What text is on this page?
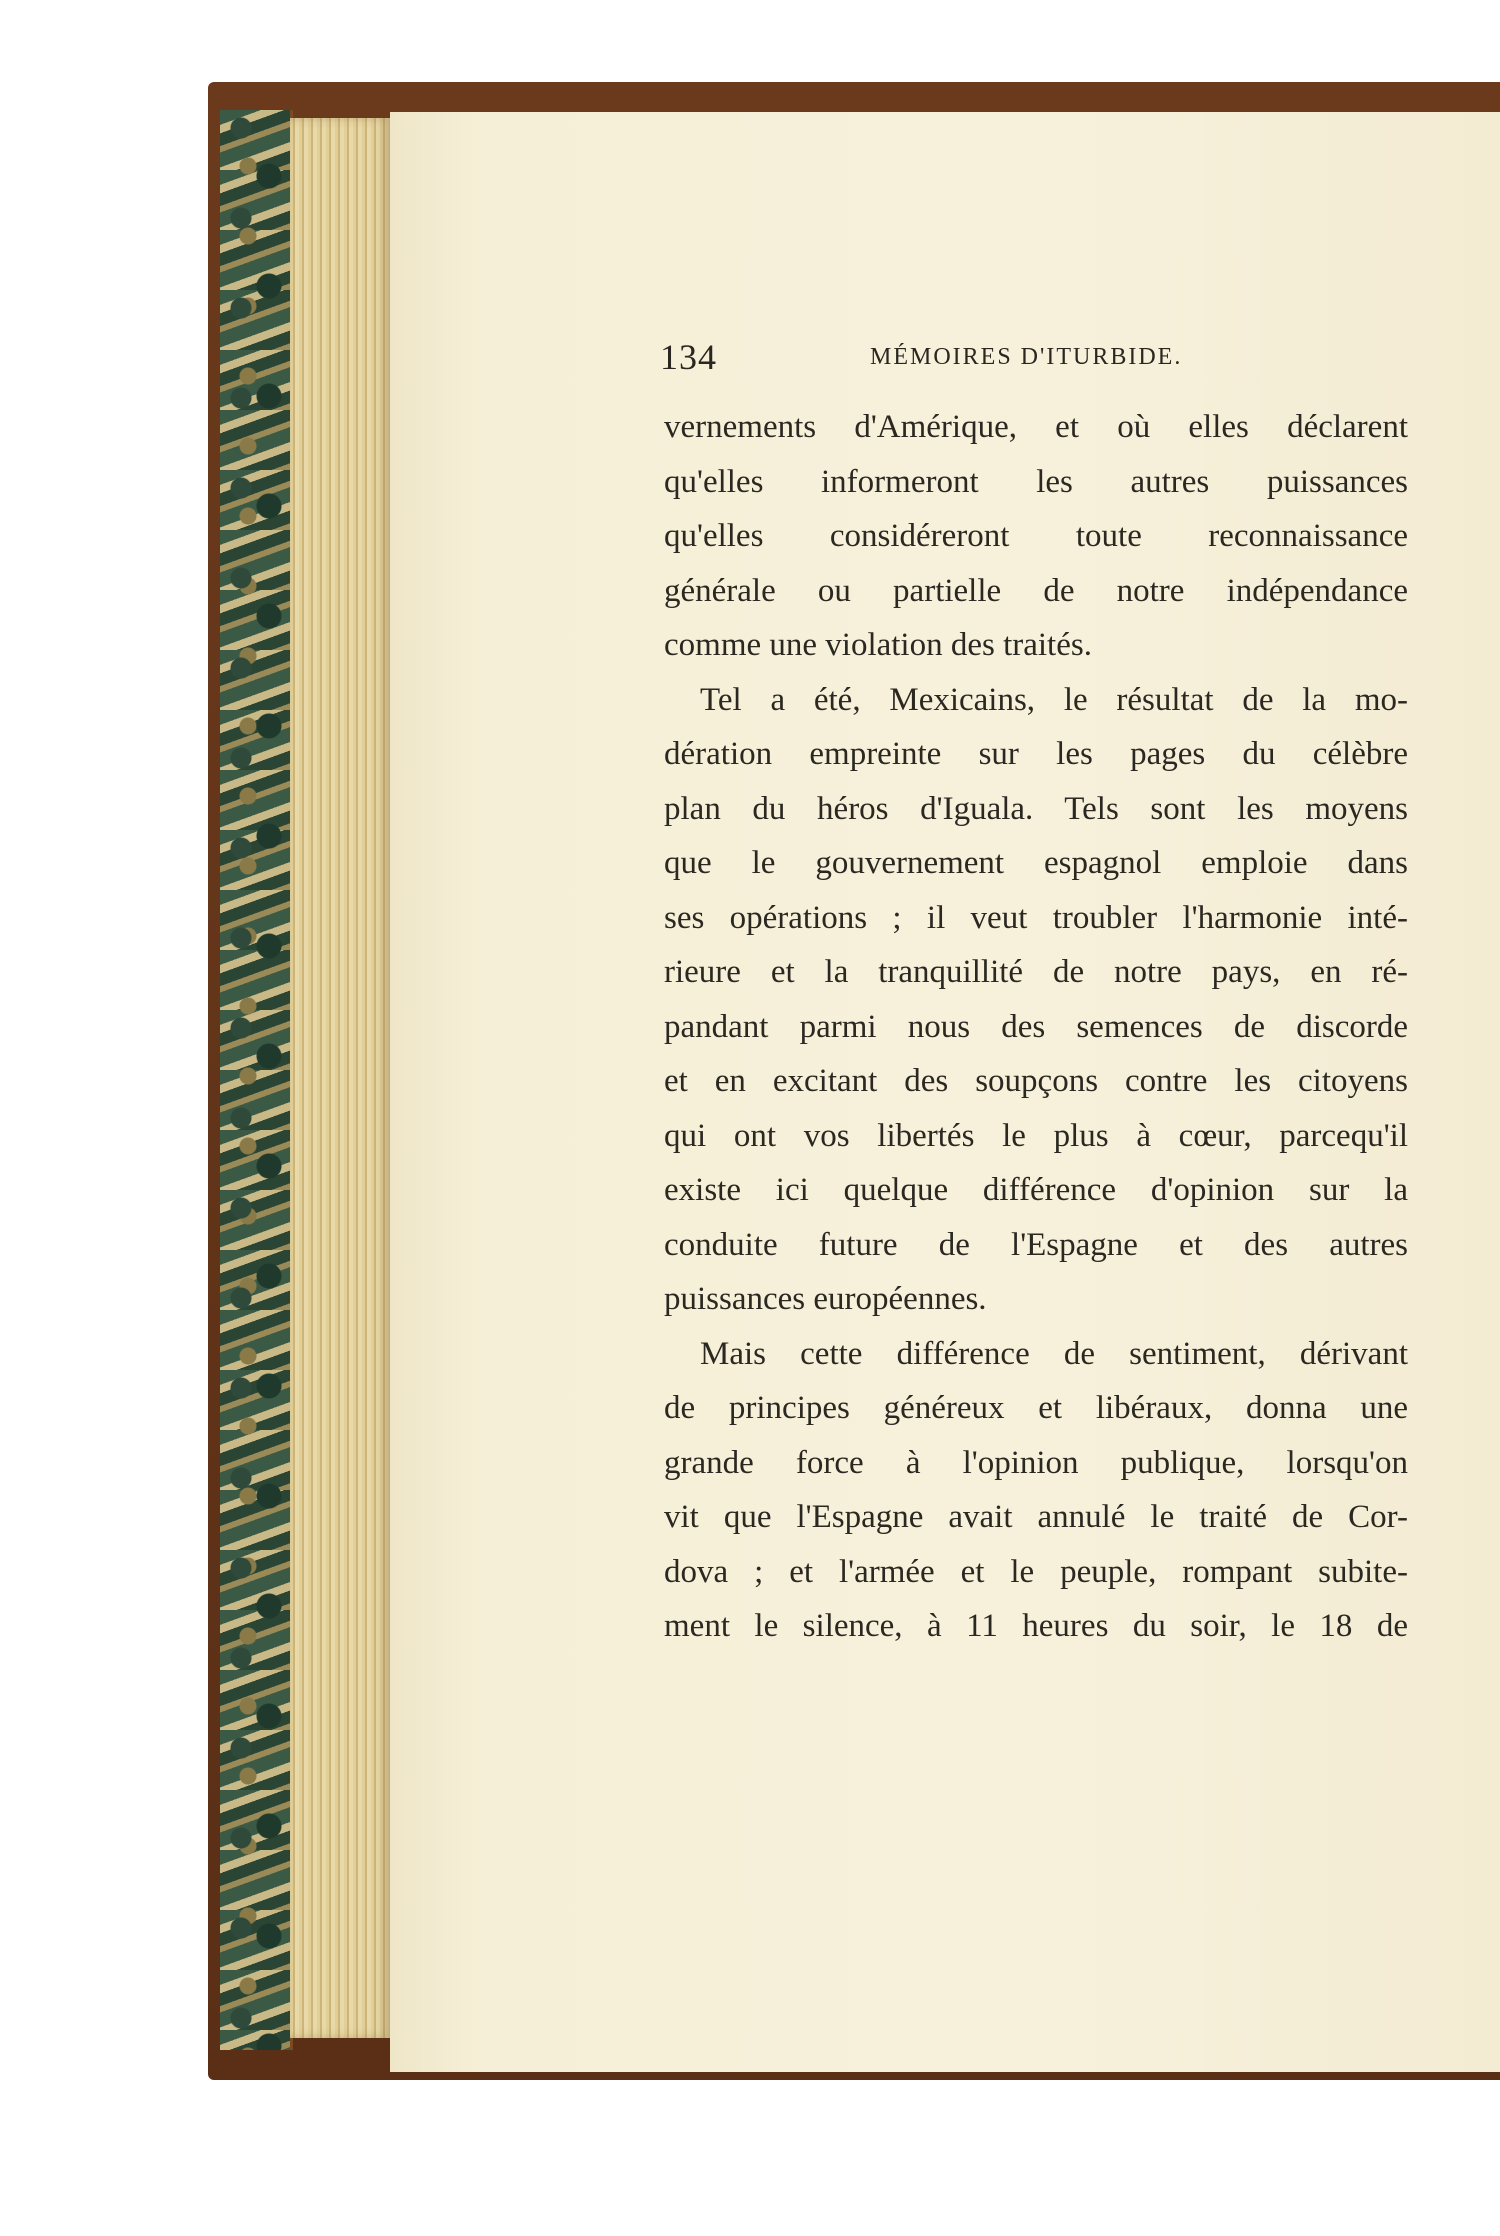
134	MÉMOIRES D'ITURBIDE.
vernements d'Amérique, et où elles déclarent
qu'elles informeront les autres puissances
qu'elles considéreront toute reconnaissance
générale ou partielle de notre indépendance
comme une violation des traités.
Tel a été, Mexicains, le résultat de la mo-
dération empreinte sur les pages du célèbre
plan du héros d'Iguala. Tels sont les moyens
que le gouvernement espagnol emploie dans
ses opérations ; il veut troubler l'harmonie inté-
rieure et la tranquillité de notre pays, en ré-
pandant parmi nous des semences de discorde
et en excitant des soupçons contre les citoyens
qui ont vos libertés le plus à cœur, parcequ'il
existe ici quelque différence d'opinion sur la
conduite future de l'Espagne et des autres
puissances européennes.
Mais cette différence de sentiment, dérivant
de principes généreux et libéraux, donna une
grande force à l'opinion publique, lorsqu'on
vit que l'Espagne avait annulé le traité de Cor-
dova ; et l'armée et le peuple, rompant subite-
ment le silence, à 11 heures du soir, le 18 de
